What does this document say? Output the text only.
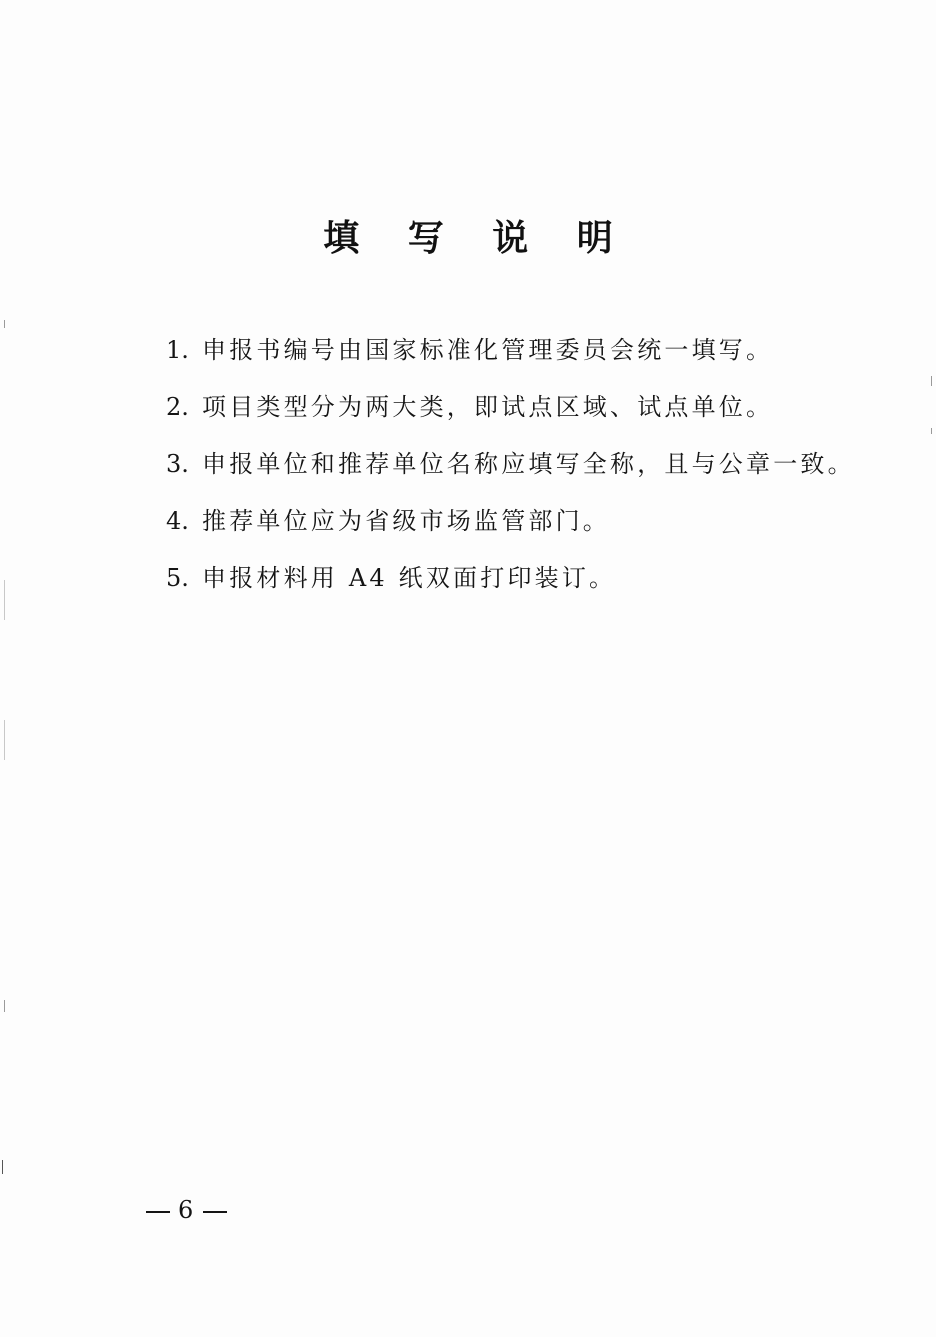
填 写 说 明
1. 申报书编号由国家标准化管理委员会统一填写。
2. 项目类型分为两大类，即试点区域、试点单位。
3. 申报单位和推荐单位名称应填写全称，且与公章一致。
4. 推荐单位应为省级市场监管部门。
5. 申报材料用 A4 纸双面打印装订。
6
